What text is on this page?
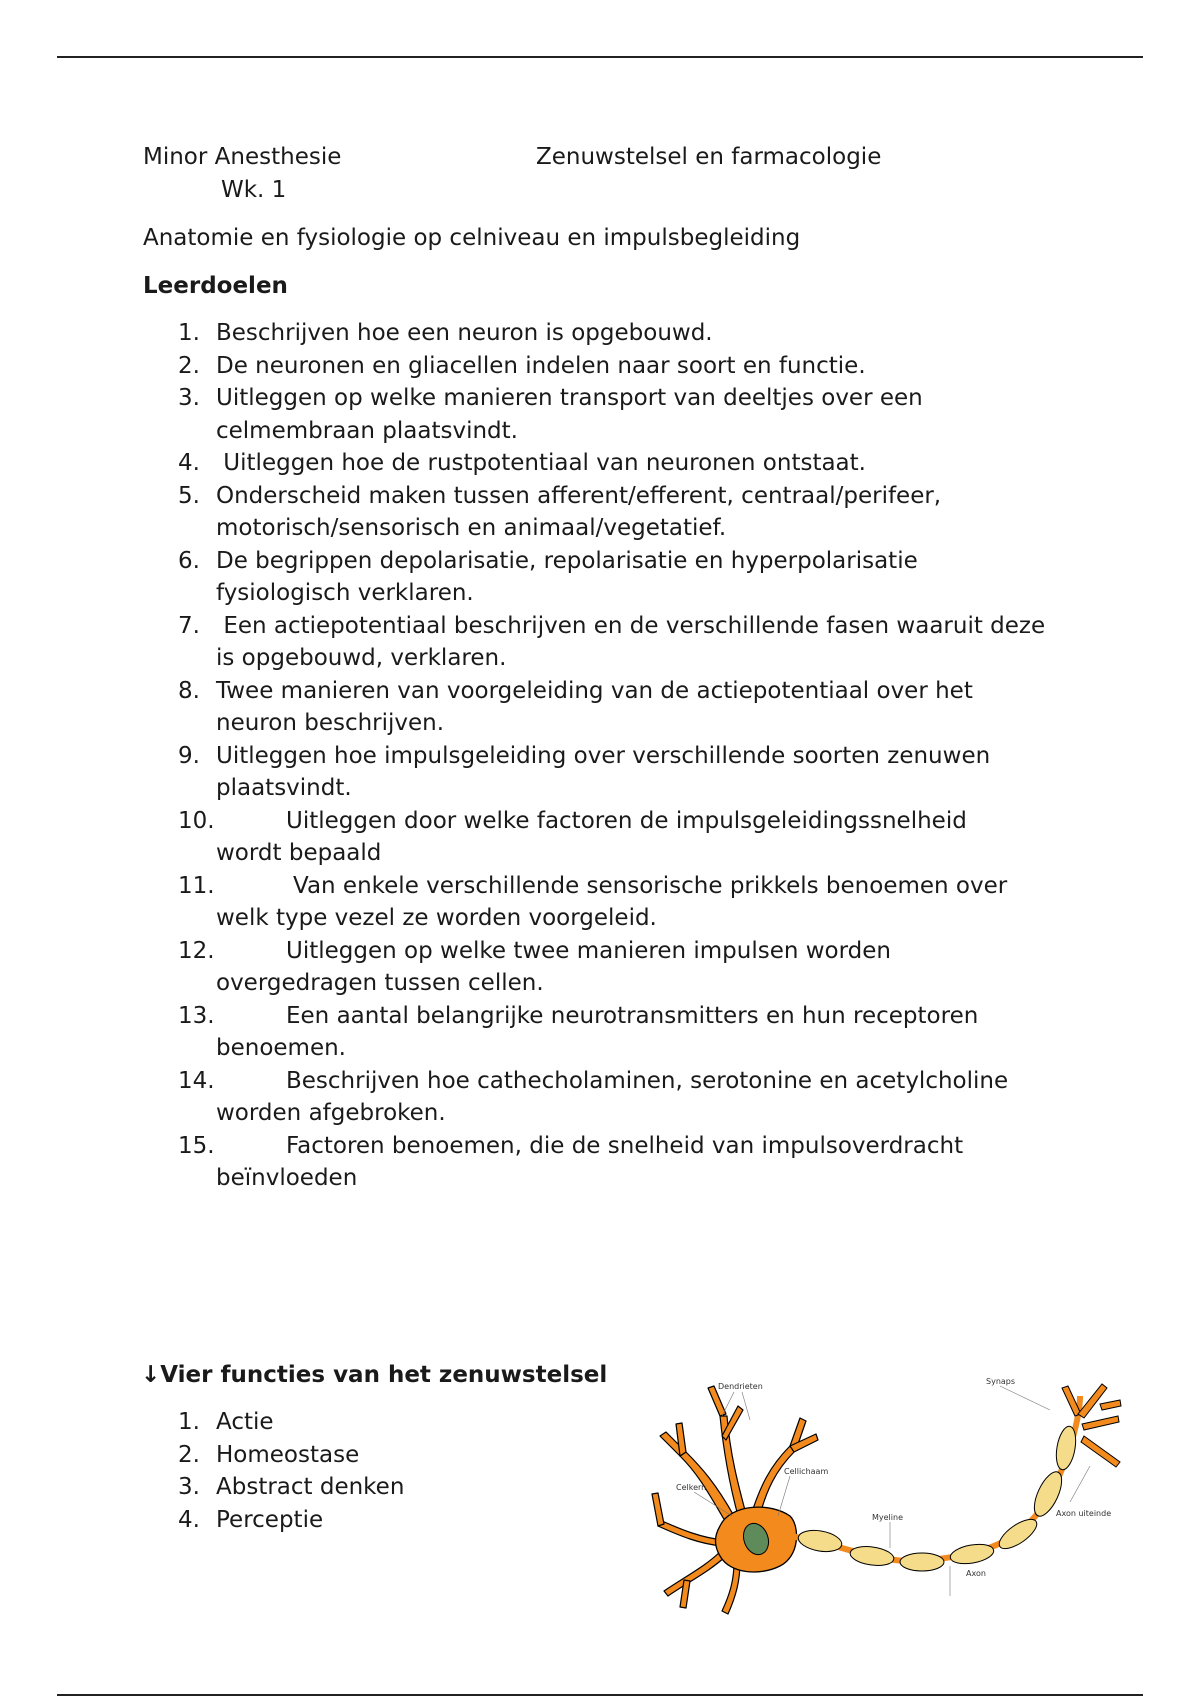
Minor Anesthesie	Zenuwstelsel en farmacologie
Wk. 1
Anatomie en fysiologie op celniveau en impulsbegleiding
Leerdoelen
1. Beschrijven hoe een neuron is opgebouwd.
2. De neuronen en gliacellen indelen naar soort en functie.
3. Uitleggen op welke manieren transport van deeltjes over een celmembraan plaatsvindt.
4. Uitleggen hoe de rustpotentiaal van neuronen ontstaat.
5. Onderscheid maken tussen afferent/efferent, centraal/perifeer, motorisch/sensorisch en animaal/vegetatief.
6. De begrippen depolarisatie, repolarisatie en hyperpolarisatie fysiologisch verklaren.
7. Een actiepotentiaal beschrijven en de verschillende fasen waaruit deze is opgebouwd, verklaren.
8. Twee manieren van voorgeleiding van de actiepotentiaal over het neuron beschrijven.
9. Uitleggen hoe impulsgeleiding over verschillende soorten zenuwen plaatsvindt.
10.	Uitleggen door welke factoren de impulsgeleidingssnelheid
wordt bepaald
11.	Van enkele verschillende sensorische prikkels benoemen over
welk type vezel ze worden voorgeleid.
12.	Uitleggen op welke twee manieren impulsen worden
overgedragen tussen cellen.
13.	Een aantal belangrijke neurotransmitters en hun receptoren
benoemen.
14.	Beschrijven hoe cathecholaminen, serotonine en acetylcholine
worden afgebroken.
15.	Factoren benoemen, die de snelheid van impulsoverdracht
beïnvloeden
↓Vier functies van het zenuwstelsel
1. Actie
2. Homeostase
3. Abstract denken
4. Perceptie
Dendrieten
Synaps
Celkern
Cellichaam
Myeline	Axon uiteinde
Axon
